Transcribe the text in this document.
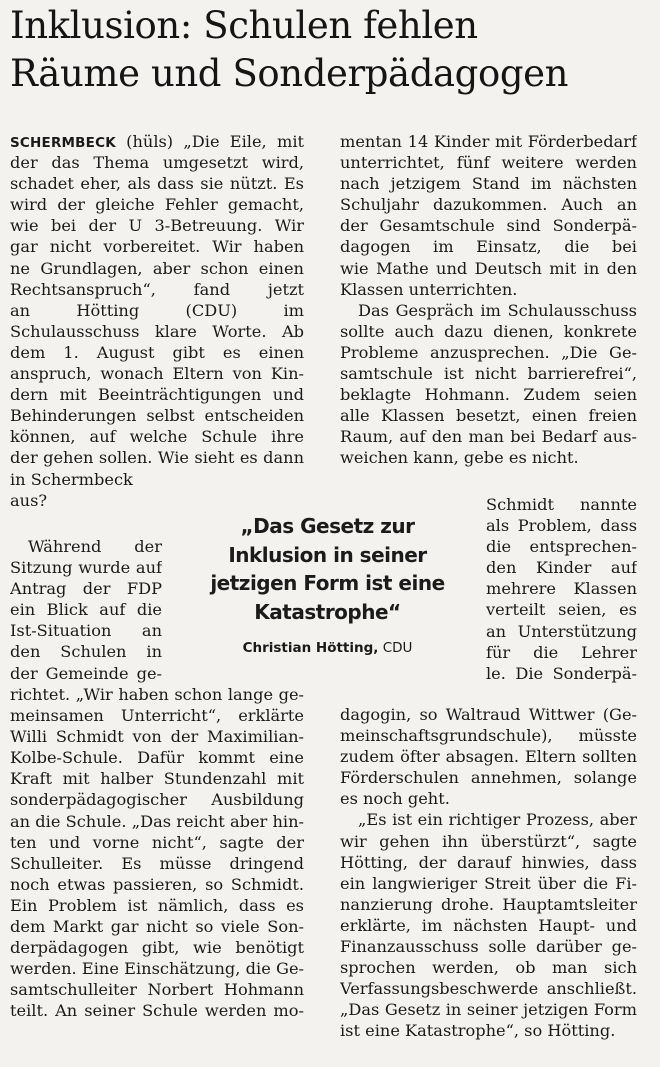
Inklusion: Schulen fehlen
Räume und Sonderpädagogen
SCHERMBECK (hüls) „Die Eile, mit
der das Thema umgesetzt wird,
schadet eher, als dass sie nützt. Es
wird der gleiche Fehler gemacht,
wie bei der U 3-Betreuung. Wir
gar nicht vorbereitet. Wir haben
ne Grundlagen, aber schon einen
Rechtsanspruch“, fand jetzt
an Hötting (CDU) im
Schulausschuss klare Worte. Ab
dem 1. August gibt es einen
anspruch, wonach Eltern von Kin-
dern mit Beeinträchtigungen und
Behinderungen selbst entscheiden
können, auf welche Schule ihre
der gehen sollen. Wie sieht es dann
in Schermbeck
aus?
Während der
Sitzung wurde auf
Antrag der FDP
ein Blick auf die
Ist-Situation an
den Schulen in
der Gemeinde ge-
richtet. „Wir haben schon lange ge-
meinsamen Unterricht“, erklärte
Willi Schmidt von der Maximilian-
Kolbe-Schule. Dafür kommt eine
Kraft mit halber Stundenzahl mit
sonderpädagogischer Ausbildung
an die Schule. „Das reicht aber hin-
ten und vorne nicht“, sagte der
Schulleiter. Es müsse dringend
noch etwas passieren, so Schmidt.
Ein Problem ist nämlich, dass es
dem Markt gar nicht so viele Son-
derpädagogen gibt, wie benötigt
werden. Eine Einschätzung, die Ge-
samtschulleiter Norbert Hohmann
teilt. An seiner Schule werden mo-
mentan 14 Kinder mit Förderbedarf
unterrichtet, fünf weitere werden
nach jetzigem Stand im nächsten
Schuljahr dazukommen. Auch an
der Gesamtschule sind Sonderpä-
dagogen im Einsatz, die bei
wie Mathe und Deutsch mit in den
Klassen unterrichten.
Das Gespräch im Schulausschuss
sollte auch dazu dienen, konkrete
Probleme anzusprechen. „Die Ge-
samtschule ist nicht barrierefrei“,
beklagte Hohmann. Zudem seien
alle Klassen besetzt, einen freien
Raum, auf den man bei Bedarf aus-
weichen kann, gebe es nicht.
Schmidt nannte
als Problem, dass
die entsprechen-
den Kinder auf
mehrere Klassen
verteilt seien, es
an Unterstützung
für die Lehrer
le. Die Sonderpä-
dagogin, so Waltraud Wittwer (Ge-
meinschaftsgrundschule), müsste
zudem öfter absagen. Eltern sollten
Förderschulen annehmen, solange
es noch geht.
„Es ist ein richtiger Prozess, aber
wir gehen ihn überstürzt“, sagte
Hötting, der darauf hinwies, dass
ein langwieriger Streit über die Fi-
nanzierung drohe. Hauptamtsleiter
erklärte, im nächsten Haupt- und
Finanzausschuss solle darüber ge-
sprochen werden, ob man sich
Verfassungsbeschwerde anschließt.
„Das Gesetz in seiner jetzigen Form
ist eine Katastrophe“, so Hötting.
„Das Gesetz zur
Inklusion in seiner
jetzigen Form ist eine
Katastrophe“
Christian Hötting, CDU
